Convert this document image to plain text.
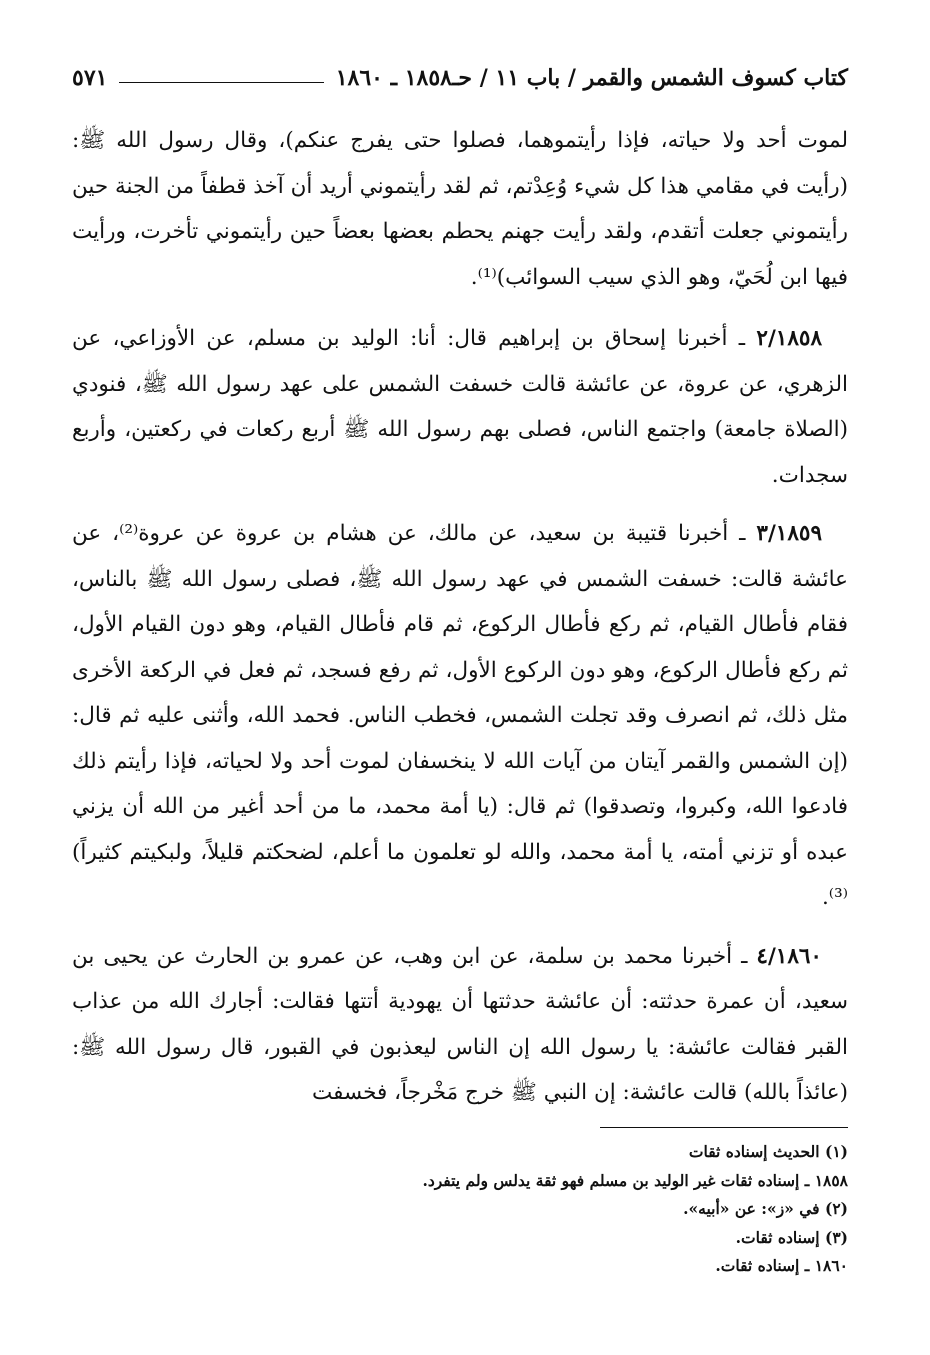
كتاب كسوف الشمس والقمر / باب ١١ / حـ١٨٥٨ ـ ١٨٦٠
٥٧١

لموت أحد ولا حياته، فإذا رأيتموهما، فصلوا حتى يفرج عنكم)، وقال رسول الله ﷺ: (رأيت في مقامي هذا كل شيء وُعِدْتم، ثم لقد رأيتموني أريد أن آخذ قطفاً من الجنة حين رأيتموني جعلت أتقدم، ولقد رأيت جهنم يحطم بعضها بعضاً حين رأيتموني تأخرت، ورأيت فيها ابن لُحَيّ، وهو الذي سيب السوائب)⁽¹⁾.

٢/١٨٥٨ ـ أخبرنا إسحاق بن إبراهيم قال: أنا: الوليد بن مسلم، عن الأوزاعي، عن الزهري، عن عروة، عن عائشة قالت خسفت الشمس على عهد رسول الله ﷺ، فنودي (الصلاة جامعة) واجتمع الناس، فصلى بهم رسول الله ﷺ أربع ركعات في ركعتين، وأربع سجدات.

٣/١٨٥٩ ـ أخبرنا قتيبة بن سعيد، عن مالك، عن هشام بن عروة عن عروة⁽²⁾، عن عائشة قالت: خسفت الشمس في عهد رسول الله ﷺ، فصلى رسول الله ﷺ بالناس، فقام فأطال القيام، ثم ركع فأطال الركوع، ثم قام فأطال القيام، وهو دون القيام الأول، ثم ركع فأطال الركوع، وهو دون الركوع الأول، ثم رفع فسجد، ثم فعل في الركعة الأخرى مثل ذلك، ثم انصرف وقد تجلت الشمس، فخطب الناس. فحمد الله، وأثنى عليه ثم قال: (إن الشمس والقمر آيتان من آيات الله لا ينخسفان لموت أحد ولا لحياته، فإذا رأيتم ذلك فادعوا الله، وكبروا، وتصدقوا) ثم قال: (يا أمة محمد، ما من أحد أغير من الله أن يزني عبده أو تزني أمته، يا أمة محمد، والله لو تعلمون ما أعلم، لضحكتم قليلاً، ولبكيتم كثيراً)⁽³⁾.

٤/١٨٦٠ ـ أخبرنا محمد بن سلمة، عن ابن وهب، عن عمرو بن الحارث عن يحيى بن سعيد، أن عمرة حدثته: أن عائشة حدثتها أن يهودية أتتها فقالت: أجارك الله من عذاب القبر فقالت عائشة: يا رسول الله إن الناس ليعذبون في القبور، قال رسول الله ﷺ: (عائذاً بالله) قالت عائشة: إن النبي ﷺ خرج مَخْرجاً، فخسفت

(١) الحديث إسناده ثقات

١٨٥٨ ـ إسناده ثقات غير الوليد بن مسلم فهو ثقة يدلس ولم يتفرد.

(٢) في «ز»: عن «أبيه».

(٣) إسناده ثقات.

١٨٦٠ ـ إسناده ثقات.
